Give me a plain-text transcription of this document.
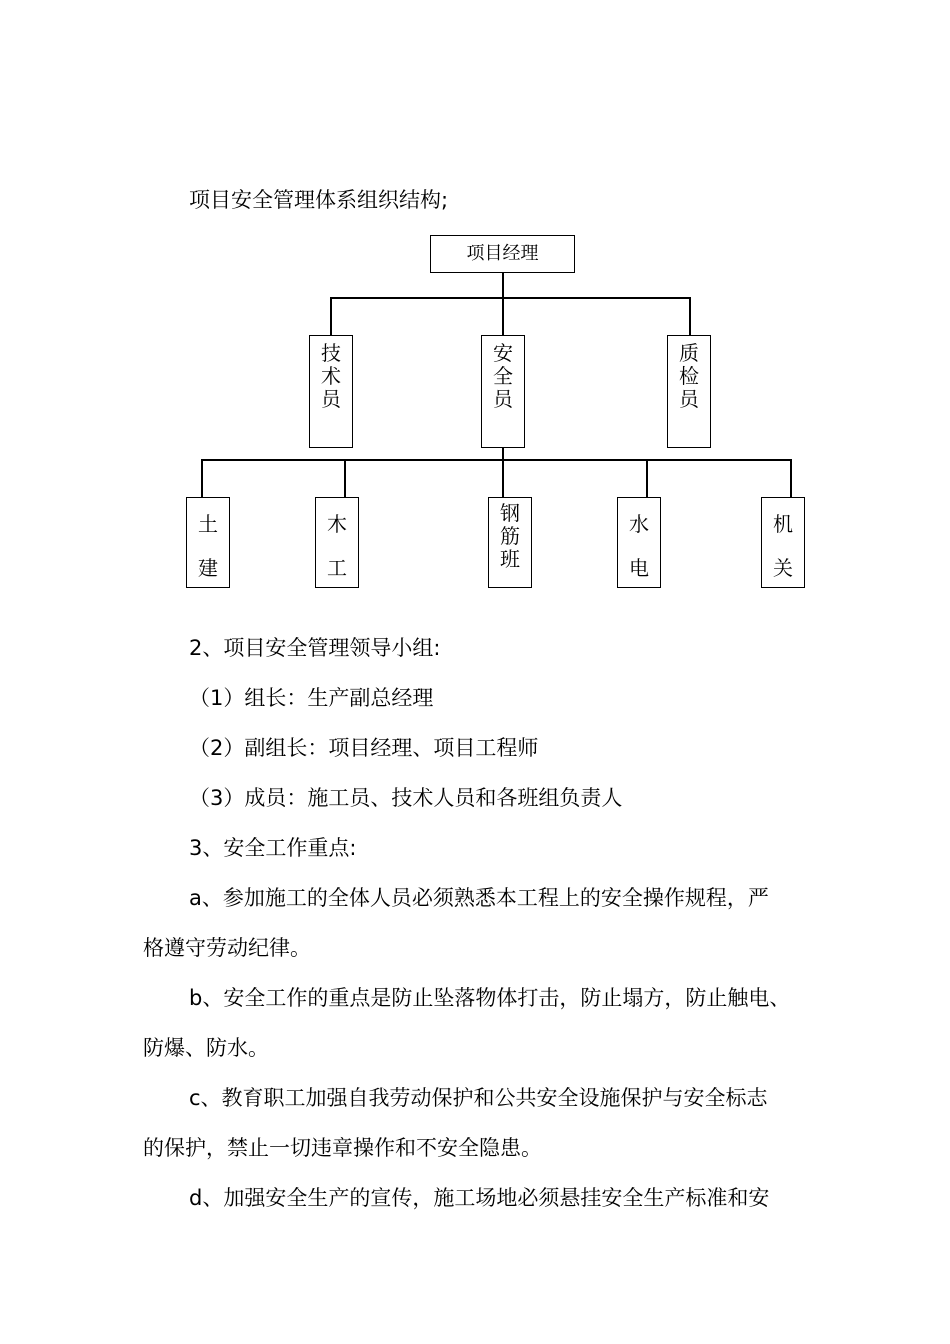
项目安全管理体系组织结构;
项目经理
技术员
安全员
质检员
土建
木工
钢筋班
水电
机关
2、项目安全管理领导小组:
（1）组长：生产副总经理
（2）副组长：项目经理、项目工程师
（3）成员：施工员、技术人员和各班组负责人
3、安全工作重点:
a、参加施工的全体人员必须熟悉本工程上的安全操作规程，严
格遵守劳动纪律。
b、安全工作的重点是防止坠落物体打击，防止塌方，防止触电、
防爆、防水。
c、教育职工加强自我劳动保护和公共安全设施保护与安全标志
的保护，禁止一切违章操作和不安全隐患。
d、加强安全生产的宣传，施工场地必须悬挂安全生产标准和安
